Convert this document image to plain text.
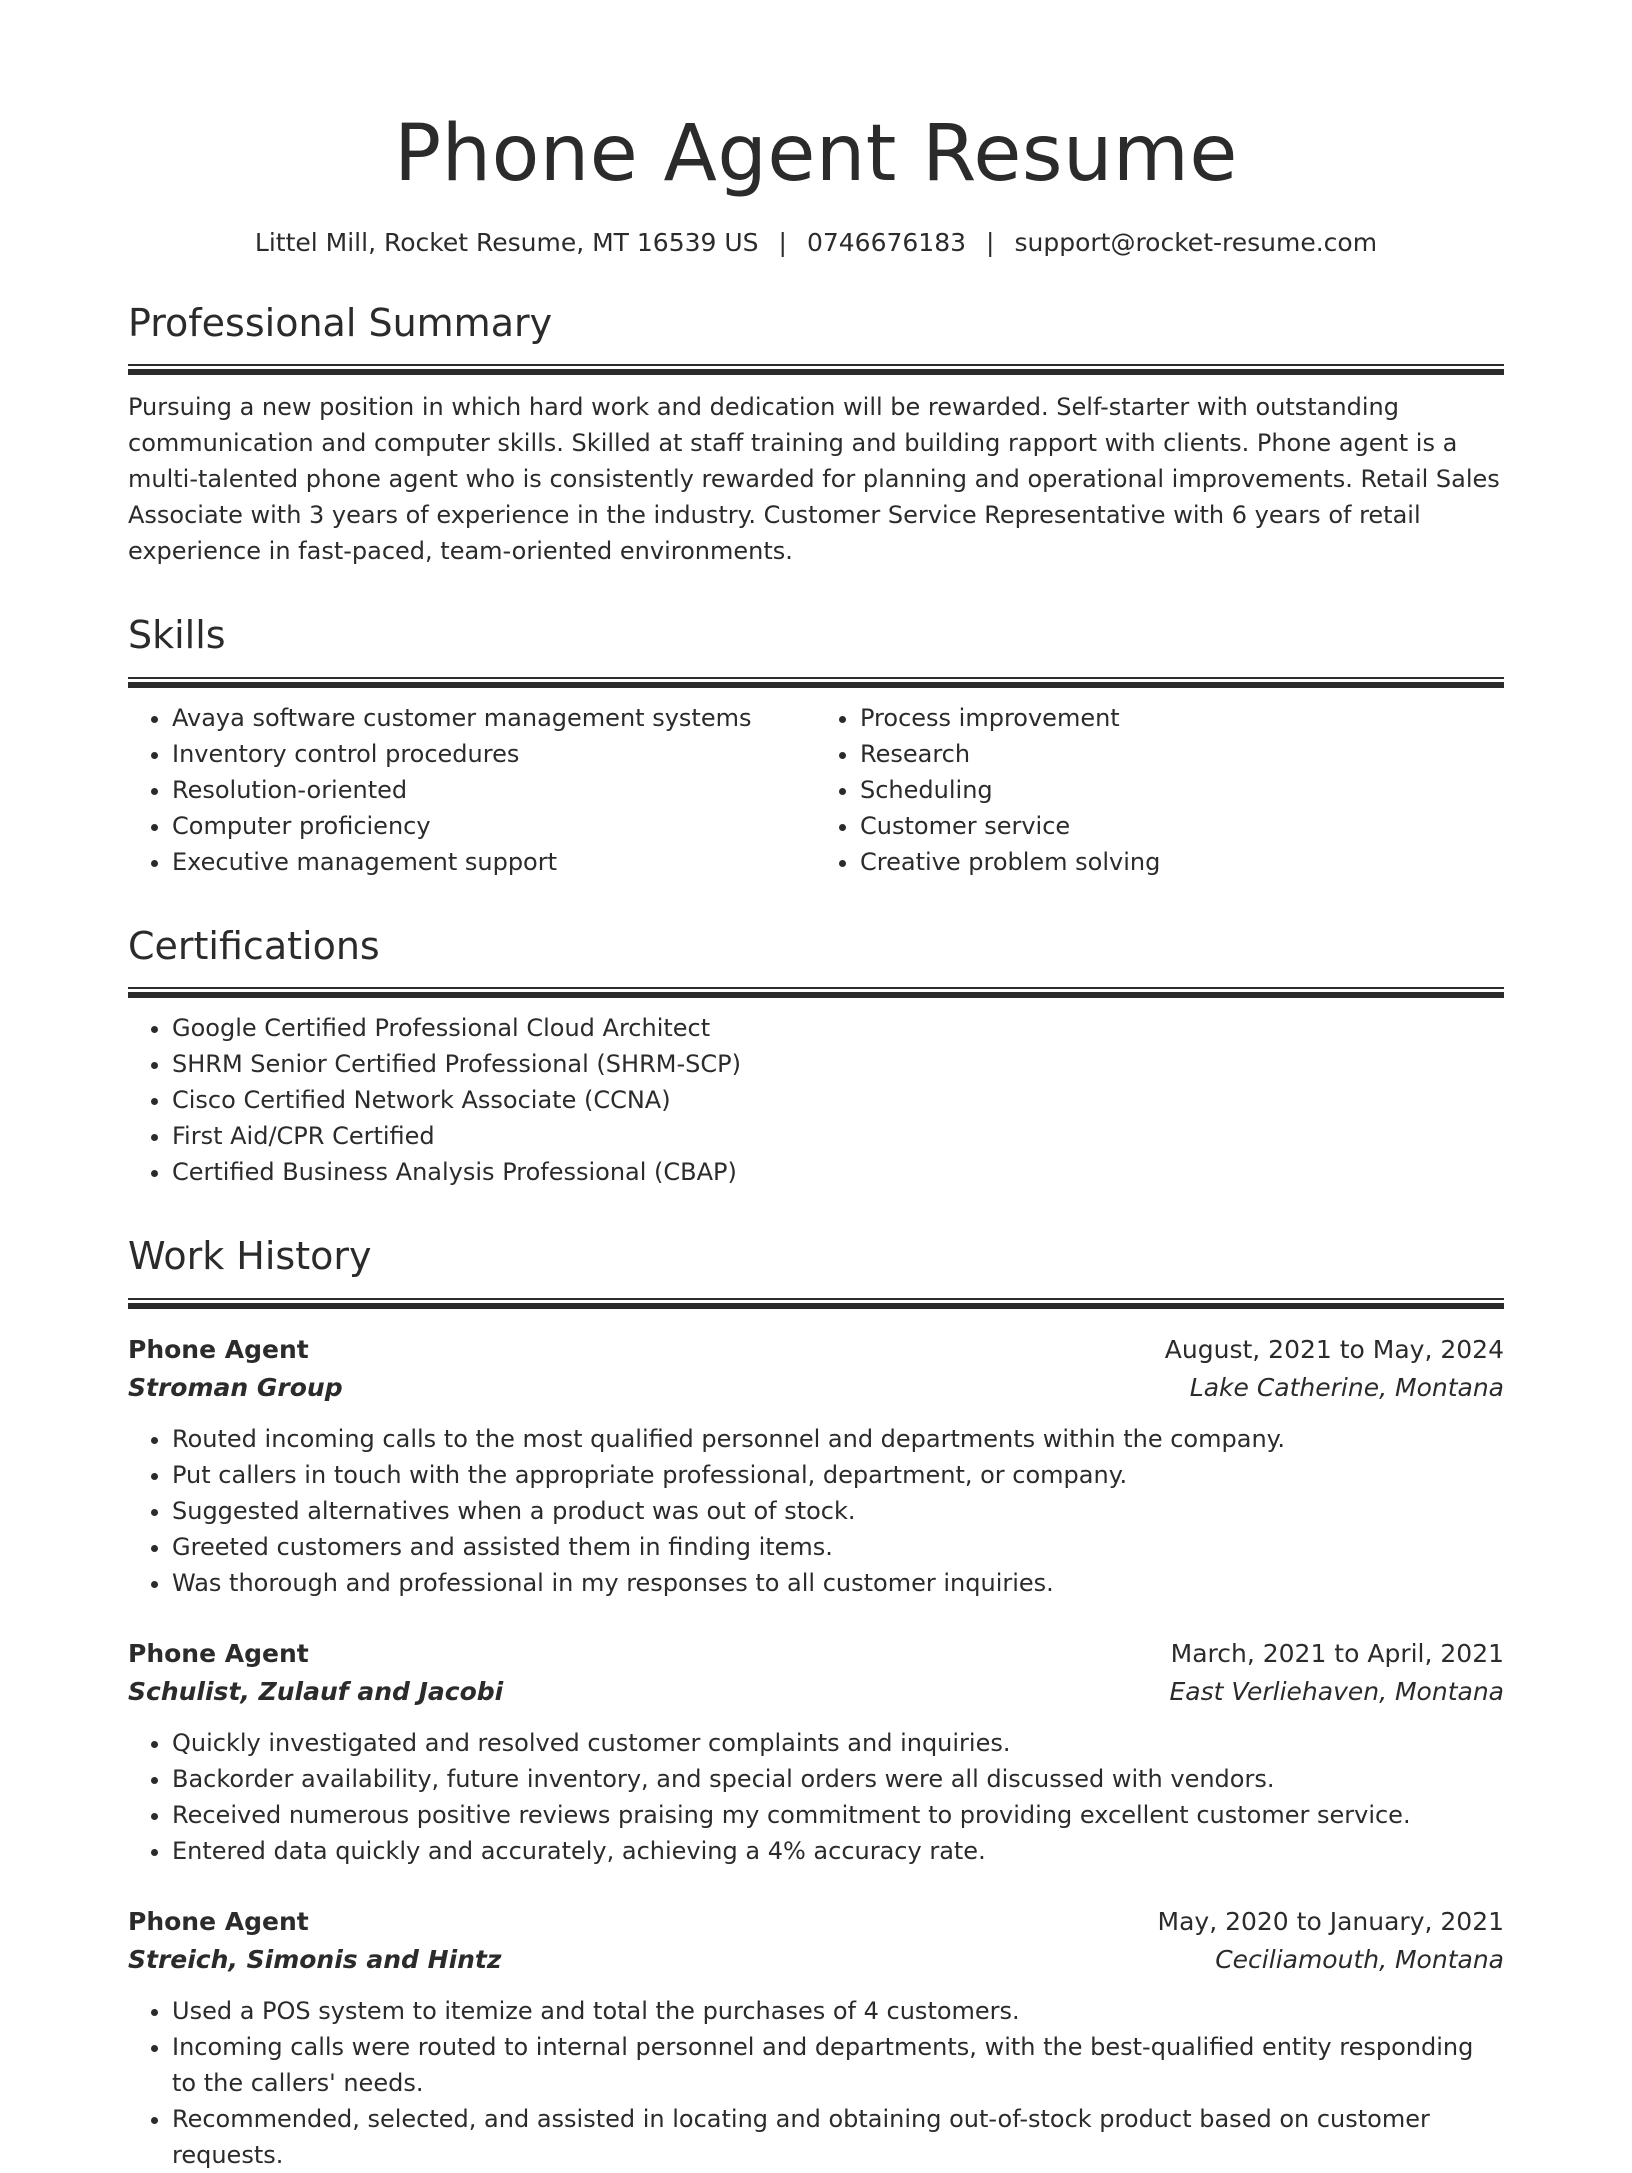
Phone Agent Resume
Littel Mill, Rocket Resume, MT 16539 US | 0746676183 | support@rocket-resume.com
Professional Summary
Pursuing a new position in which hard work and dedication will be rewarded. Self-starter with outstanding communication and computer skills. Skilled at staff training and building rapport with clients. Phone agent is a multi-talented phone agent who is consistently rewarded for planning and operational improvements. Retail Sales Associate with 3 years of experience in the industry. Customer Service Representative with 6 years of retail experience in fast-paced, team-oriented environments.
Skills
• Avaya software customer management systems
• Inventory control procedures
• Resolution-oriented
• Computer proficiency
• Executive management support
• Process improvement
• Research
• Scheduling
• Customer service
• Creative problem solving
Certifications
• Google Certified Professional Cloud Architect
• SHRM Senior Certified Professional (SHRM-SCP)
• Cisco Certified Network Associate (CCNA)
• First Aid/CPR Certified
• Certified Business Analysis Professional (CBAP)
Work History
Phone Agent	August, 2021 to May, 2024
Stroman Group	Lake Catherine, Montana
• Routed incoming calls to the most qualified personnel and departments within the company.
• Put callers in touch with the appropriate professional, department, or company.
• Suggested alternatives when a product was out of stock.
• Greeted customers and assisted them in finding items.
• Was thorough and professional in my responses to all customer inquiries.
Phone Agent	March, 2021 to April, 2021
Schulist, Zulauf and Jacobi	East Verliehaven, Montana
• Quickly investigated and resolved customer complaints and inquiries.
• Backorder availability, future inventory, and special orders were all discussed with vendors.
• Received numerous positive reviews praising my commitment to providing excellent customer service.
• Entered data quickly and accurately, achieving a 4% accuracy rate.
Phone Agent	May, 2020 to January, 2021
Streich, Simonis and Hintz	Ceciliamouth, Montana
• Used a POS system to itemize and total the purchases of 4 customers.
• Incoming calls were routed to internal personnel and departments, with the best-qualified entity responding to the callers' needs.
• Recommended, selected, and assisted in locating and obtaining out-of-stock product based on customer requests.
